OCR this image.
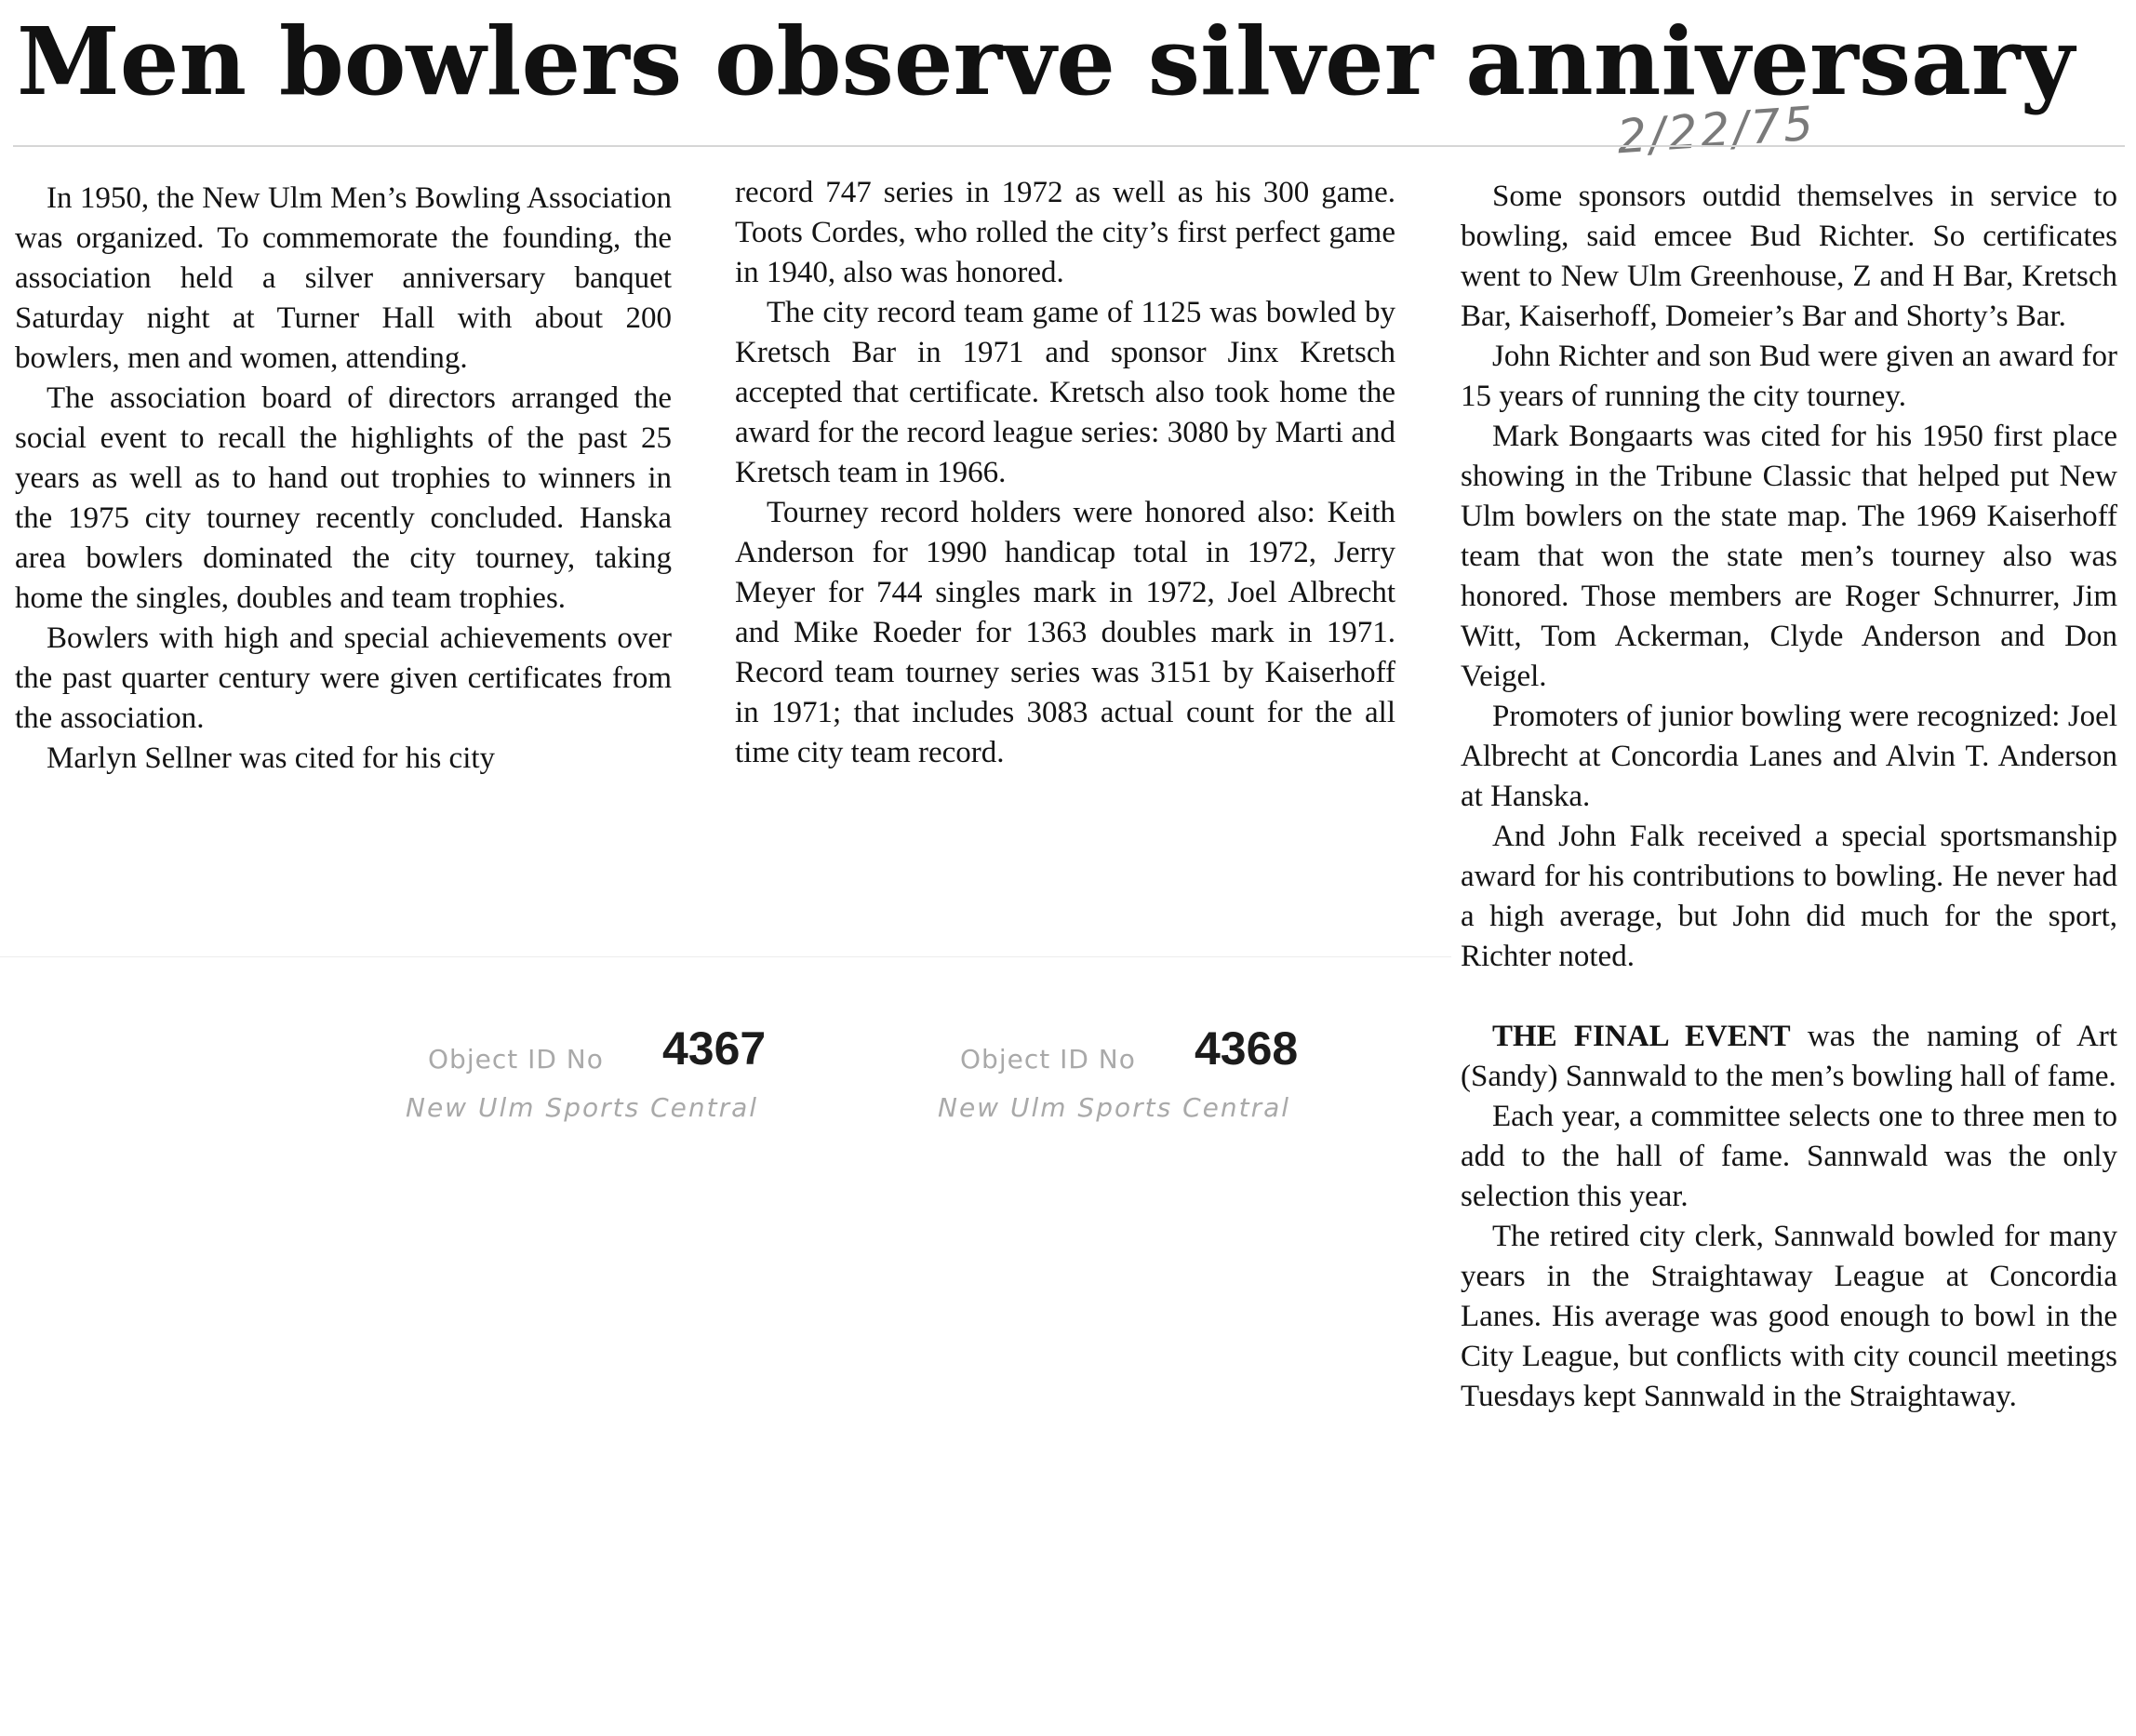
Men bowlers observe silver anniversary
2/22/75

In 1950, the New Ulm Men’s Bowling Association was organized. To commemorate the founding, the association held a silver anniversary banquet Saturday night at Turner Hall with about 200 bowlers, men and women, attending.

The association board of directors arranged the social event to recall the highlights of the past 25 years as well as to hand out trophies to winners in the 1975 city tourney recently concluded. Hanska area bowlers dominated the city tourney, taking home the singles, doubles and team trophies.

Bowlers with high and special achievements over the past quarter century were given certificates from the association.

Marlyn Sellner was cited for his city

record 747 series in 1972 as well as his 300 game. Toots Cordes, who rolled the city’s first perfect game in 1940, also was honored.

The city record team game of 1125 was bowled by Kretsch Bar in 1971 and sponsor Jinx Kretsch accepted that certificate. Kretsch also took home the award for the record league series: 3080 by Marti and Kretsch team in 1966.

Tourney record holders were honored also: Keith Anderson for 1990 handicap total in 1972, Jerry Meyer for 744 singles mark in 1972, Joel Albrecht and Mike Roeder for 1363 doubles mark in 1971. Record team tourney series was 3151 by Kaiserhoff in 1971; that includes 3083 actual count for the all time city team record.

Some sponsors outdid themselves in service to bowling, said emcee Bud Richter. So certificates went to New Ulm Greenhouse, Z and H Bar, Kretsch Bar, Kaiserhoff, Domeier’s Bar and Shorty’s Bar.

John Richter and son Bud were given an award for 15 years of running the city tourney.

Mark Bongaarts was cited for his 1950 first place showing in the Tribune Classic that helped put New Ulm bowlers on the state map. The 1969 Kaiserhoff team that won the state men’s tourney also was honored. Those members are Roger Schnurrer, Jim Witt, Tom Ackerman, Clyde Anderson and Don Veigel.

Promoters of junior bowling were recognized: Joel Albrecht at Concordia Lanes and Alvin T. Anderson at Hanska.

And John Falk received a special sportsmanship award for his contributions to bowling. He never had a high average, but John did much for the sport, Richter noted.

THE FINAL EVENT was the naming of Art (Sandy) Sannwald to the men’s bowling hall of fame.

Each year, a committee selects one to three men to add to the hall of fame. Sannwald was the only selection this year.

The retired city clerk, Sannwald bowled for many years in the Straightaway League at Concordia Lanes. His average was good enough to bowl in the City League, but conflicts with city council meetings Tuesdays kept Sannwald in the Straightaway.

Object ID No 4367
New Ulm Sports Central
Object ID No 4368
New Ulm Sports Central
